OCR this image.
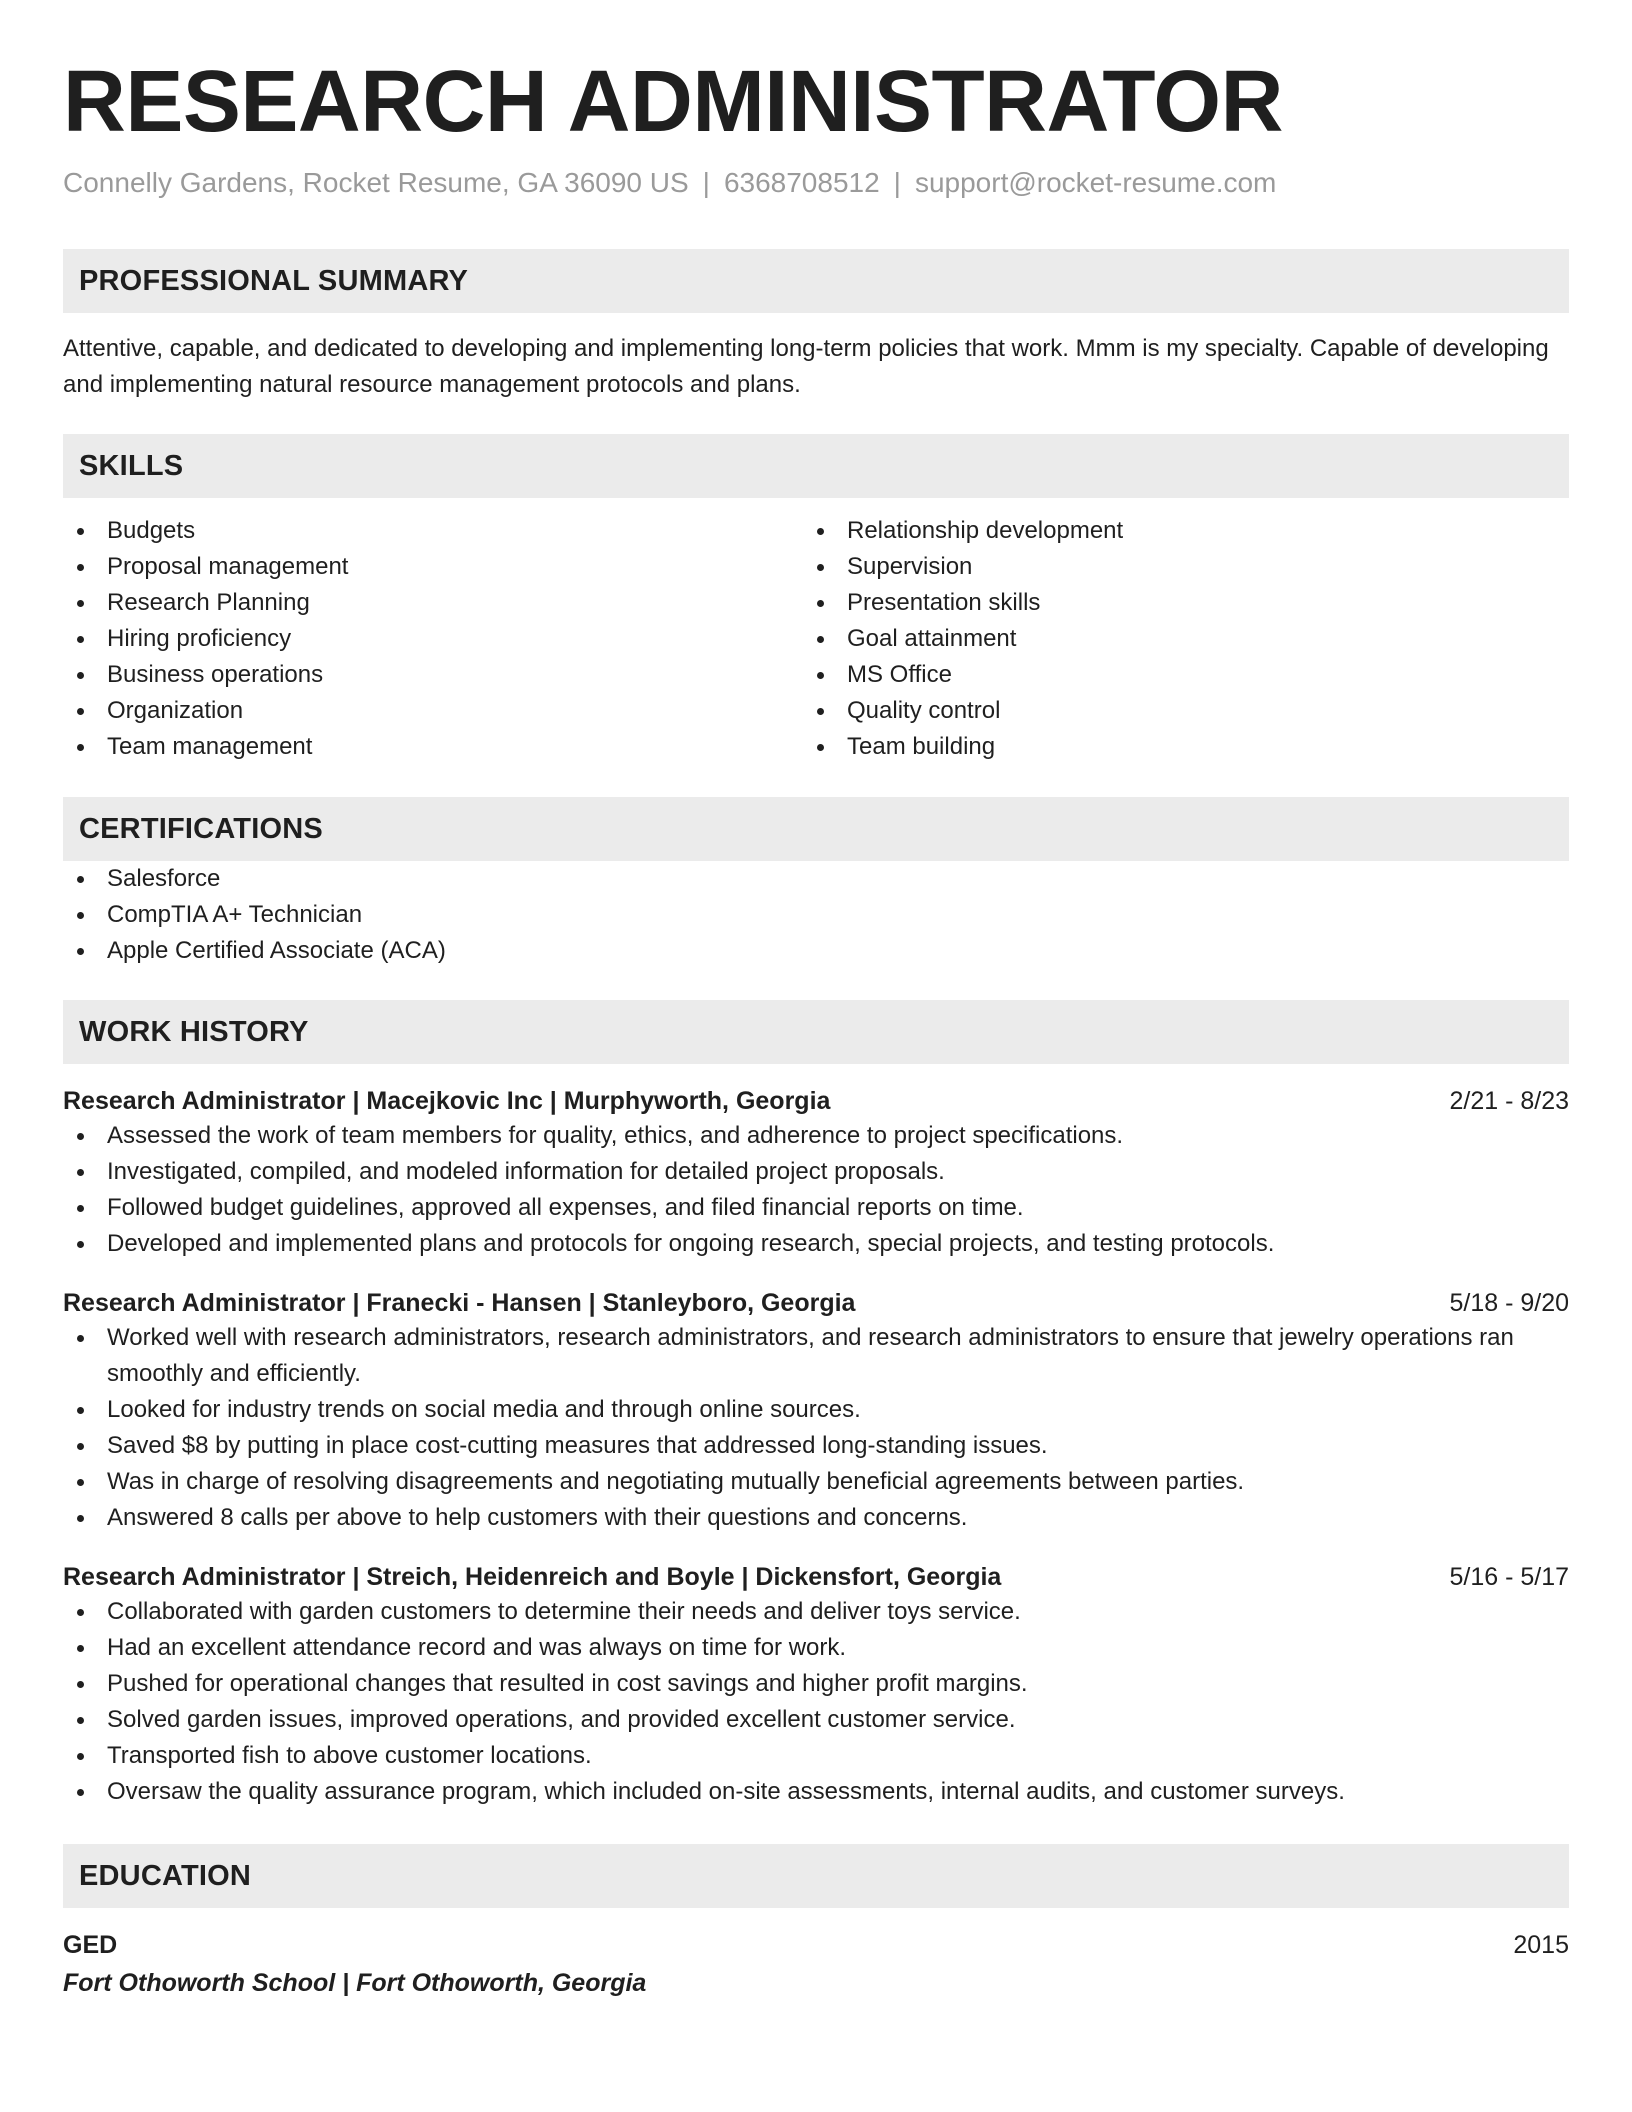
RESEARCH ADMINISTRATOR
Connelly Gardens, Rocket Resume, GA 36090 US | 6368708512 | support@rocket-resume.com
PROFESSIONAL SUMMARY
Attentive, capable, and dedicated to developing and implementing long-term policies that work. Mmm is my specialty. Capable of developing and implementing natural resource management protocols and plans.
SKILLS
Budgets
Proposal management
Research Planning
Hiring proficiency
Business operations
Organization
Team management
Relationship development
Supervision
Presentation skills
Goal attainment
MS Office
Quality control
Team building
CERTIFICATIONS
Salesforce
CompTIA A+ Technician
Apple Certified Associate (ACA)
WORK HISTORY
Research Administrator | Macejkovic Inc | Murphyworth, Georgia	2/21 - 8/23
Assessed the work of team members for quality, ethics, and adherence to project specifications.
Investigated, compiled, and modeled information for detailed project proposals.
Followed budget guidelines, approved all expenses, and filed financial reports on time.
Developed and implemented plans and protocols for ongoing research, special projects, and testing protocols.
Research Administrator | Franecki - Hansen | Stanleyboro, Georgia	5/18 - 9/20
Worked well with research administrators, research administrators, and research administrators to ensure that jewelry operations ran smoothly and efficiently.
Looked for industry trends on social media and through online sources.
Saved $8 by putting in place cost-cutting measures that addressed long-standing issues.
Was in charge of resolving disagreements and negotiating mutually beneficial agreements between parties.
Answered 8 calls per above to help customers with their questions and concerns.
Research Administrator | Streich, Heidenreich and Boyle | Dickensfort, Georgia	5/16 - 5/17
Collaborated with garden customers to determine their needs and deliver toys service.
Had an excellent attendance record and was always on time for work.
Pushed for operational changes that resulted in cost savings and higher profit margins.
Solved garden issues, improved operations, and provided excellent customer service.
Transported fish to above customer locations.
Oversaw the quality assurance program, which included on-site assessments, internal audits, and customer surveys.
EDUCATION
GED	2015
Fort Othoworth School | Fort Othoworth, Georgia
